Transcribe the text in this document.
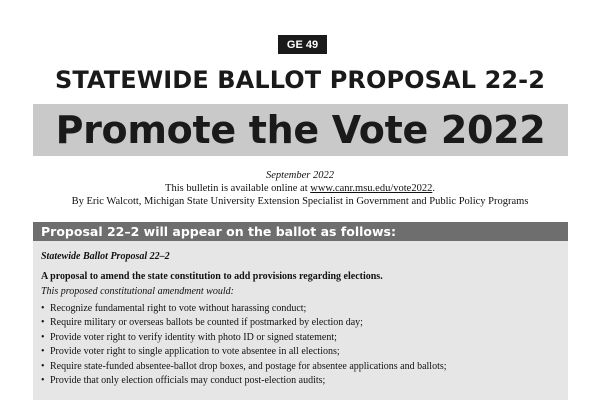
GE 49
STATEWIDE BALLOT PROPOSAL 22-2
Promote the Vote 2022
September 2022
This bulletin is available online at www.canr.msu.edu/vote2022.
By Eric Walcott, Michigan State University Extension Specialist in Government and Public Policy Programs
Proposal 22–2 will appear on the ballot as follows:
Statewide Ballot Proposal 22–2
A proposal to amend the state constitution to add provisions regarding elections.
This proposed constitutional amendment would:
• Recognize fundamental right to vote without harassing conduct;
• Require military or overseas ballots be counted if postmarked by election day;
• Provide voter right to verify identity with photo ID or signed statement;
• Provide voter right to single application to vote absentee in all elections;
• Require state-funded absentee-ballot drop boxes, and postage for absentee applications and ballots;
• Provide that only election officials may conduct post-election audits;
